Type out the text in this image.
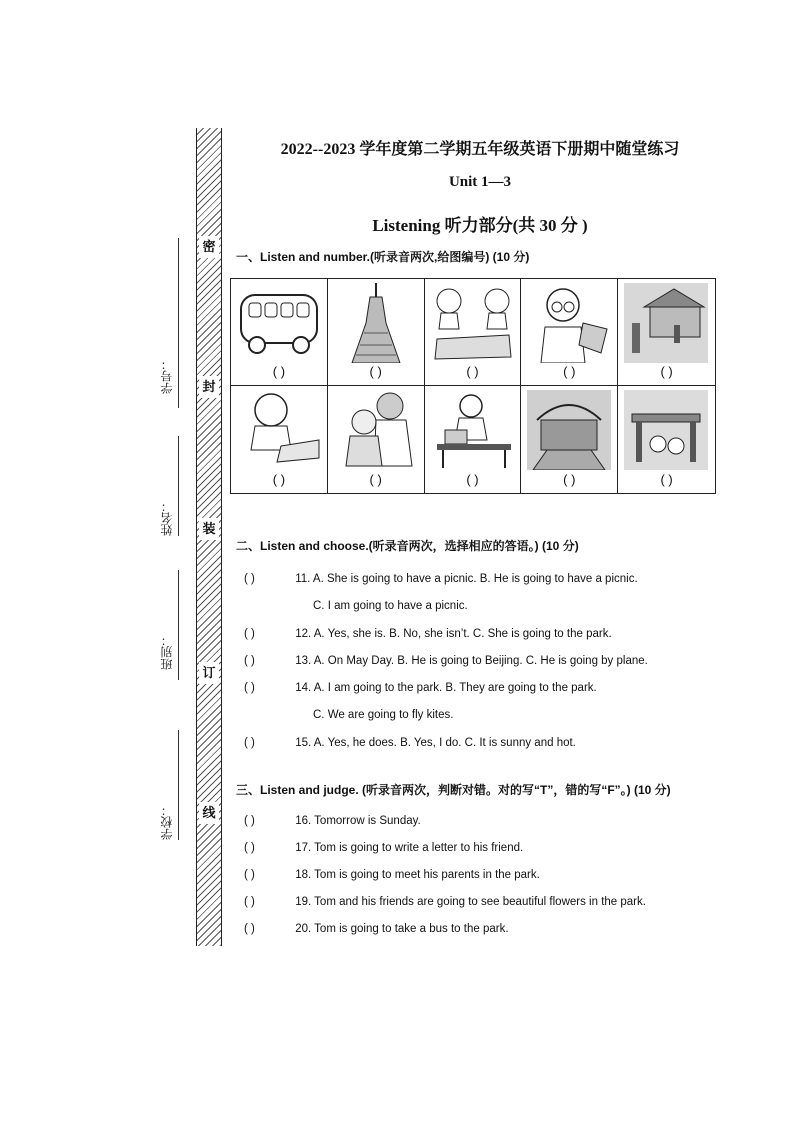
密
封
装
订
线
学号：
姓名：
班别：
学校：
2022--2023 学年度第二学期五年级英语下册期中随堂练习
Unit 1—3
Listening 听力部分(共 30 分 )
一、Listen and number.(听录音两次,给图编号) (10 分)
( )	( )	( )	( )	( )
( )	( )	( )	( )	( )
二、Listen and choose.(听录音两次，选择相应的答语。) (10 分)
( )	11. A. She is going to have a picnic. B. He is going to have a picnic.
C. I am going to have a picnic.
( )	12. A. Yes, she is. B. No, she isn’t. C. She is going to the park.
( )	13. A. On May Day. B. He is going to Beijing. C. He is going by plane.
( )	14. A. I am going to the park. B. They are going to the park.
C. We are going to fly kites.
( )	15. A. Yes, he does. B. Yes, I do. C. It is sunny and hot.
三、Listen and judge. (听录音两次，判断对错。对的写“T”，错的写“F”。) (10 分)
( )	16. Tomorrow is Sunday.
( )	17. Tom is going to write a letter to his friend.
( )	18. Tom is going to meet his parents in the park.
( )	19. Tom and his friends are going to see beautiful flowers in the park.
( )	20. Tom is going to take a bus to the park.
